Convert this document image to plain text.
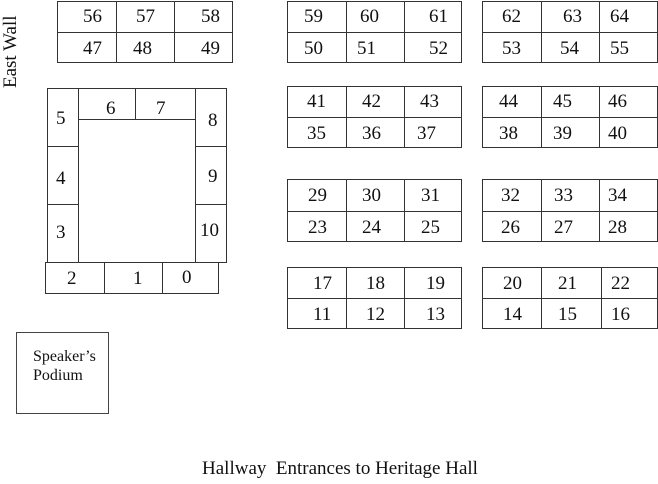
East Wall	56 57 58
47 48	49
59 60	61
50 51	52
62 63 64
53 54 55
41 42 43
35 36 37
44 45 46
38 39 40
29 30 31
23 24 25
32 33 34
26 27 28
17 18 19
11 12 13
20 21 22
14 15 16
5
4
3
6 7
8
9
10
2	1 0
Speaker’s
Podium
Hallway  Entrances to Heritage Hall
